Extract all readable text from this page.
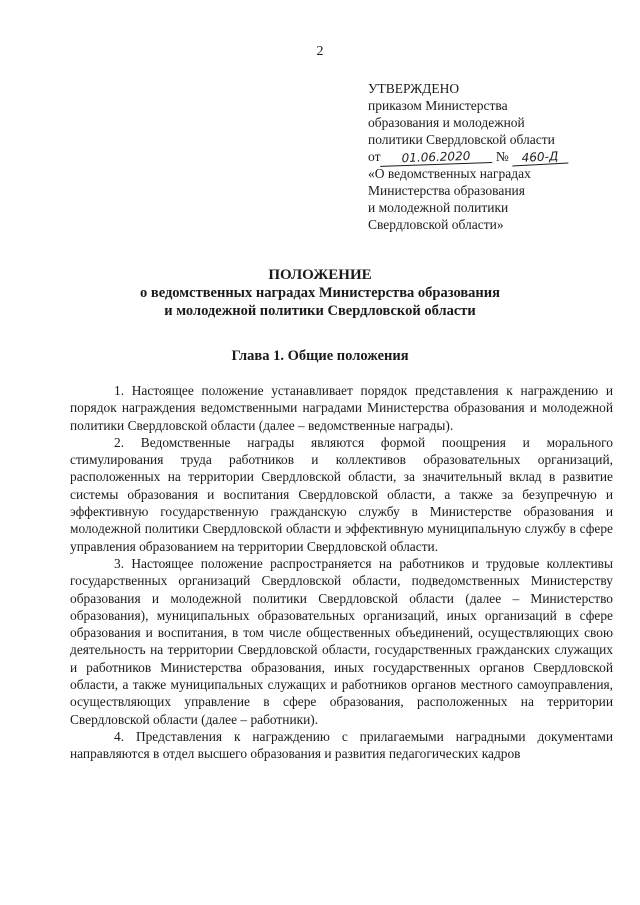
2
УТВЕРЖДЕНО
приказом Министерства
образования и молодежной
политики Свердловской области
от 01.06.2020 № 460-Д
«О ведомственных наградах
Министерства образования
и молодежной политики
Свердловской области»
ПОЛОЖЕНИЕ
о ведомственных наградах Министерства образования
и молодежной политики Свердловской области
Глава 1. Общие положения

1. Настоящее положение устанавливает порядок представления к награждению и порядок награждения ведомственными наградами Министерства образования и молодежной политики Свердловской области (далее – ведомственные награды).

2. Ведомственные награды являются формой поощрения и морального стимулирования труда работников и коллективов образовательных организаций, расположенных на территории Свердловской области, за значительный вклад в развитие системы образования и воспитания Свердловской области, а также за безупречную и эффективную государственную гражданскую службу в Министерстве образования и молодежной политики Свердловской области и эффективную муниципальную службу в сфере управления образованием на территории Свердловской области.

3. Настоящее положение распространяется на работников и трудовые коллективы государственных организаций Свердловской области, подведомственных Министерству образования и молодежной политики Свердловской области (далее – Министерство образования), муниципальных образовательных организаций, иных организаций в сфере образования и воспитания, в том числе общественных объединений, осуществляющих свою деятельность на территории Свердловской области, государственных гражданских служащих и работников Министерства образования, иных государственных органов Свердловской области, а также муниципальных служащих и работников органов местного самоуправления, осуществляющих управление в сфере образования, расположенных на территории Свердловской области (далее – работники).

4. Представления к награждению с прилагаемыми наградными документами направляются в отдел высшего образования и развития педагогических кадров
